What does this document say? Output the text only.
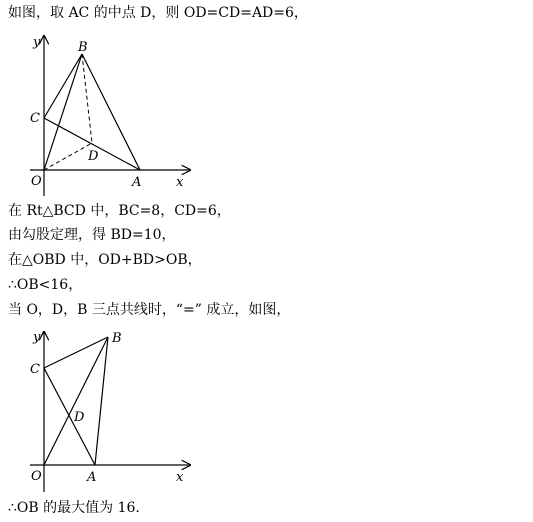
如图，取 AC 的中点 D，则 OD=CD=AD=6，
y
x
O	A
B
C
D
在 Rt△BCD 中，BC=8，CD=6，
由勾股定理，得 BD=10，
在△OBD 中，OD+BD>OB，
∴OB<16，
当 O，D，B 三点共线时，“=” 成立，如图，
y
x
O	A
B
C
D
∴OB 的最大值为 16.
